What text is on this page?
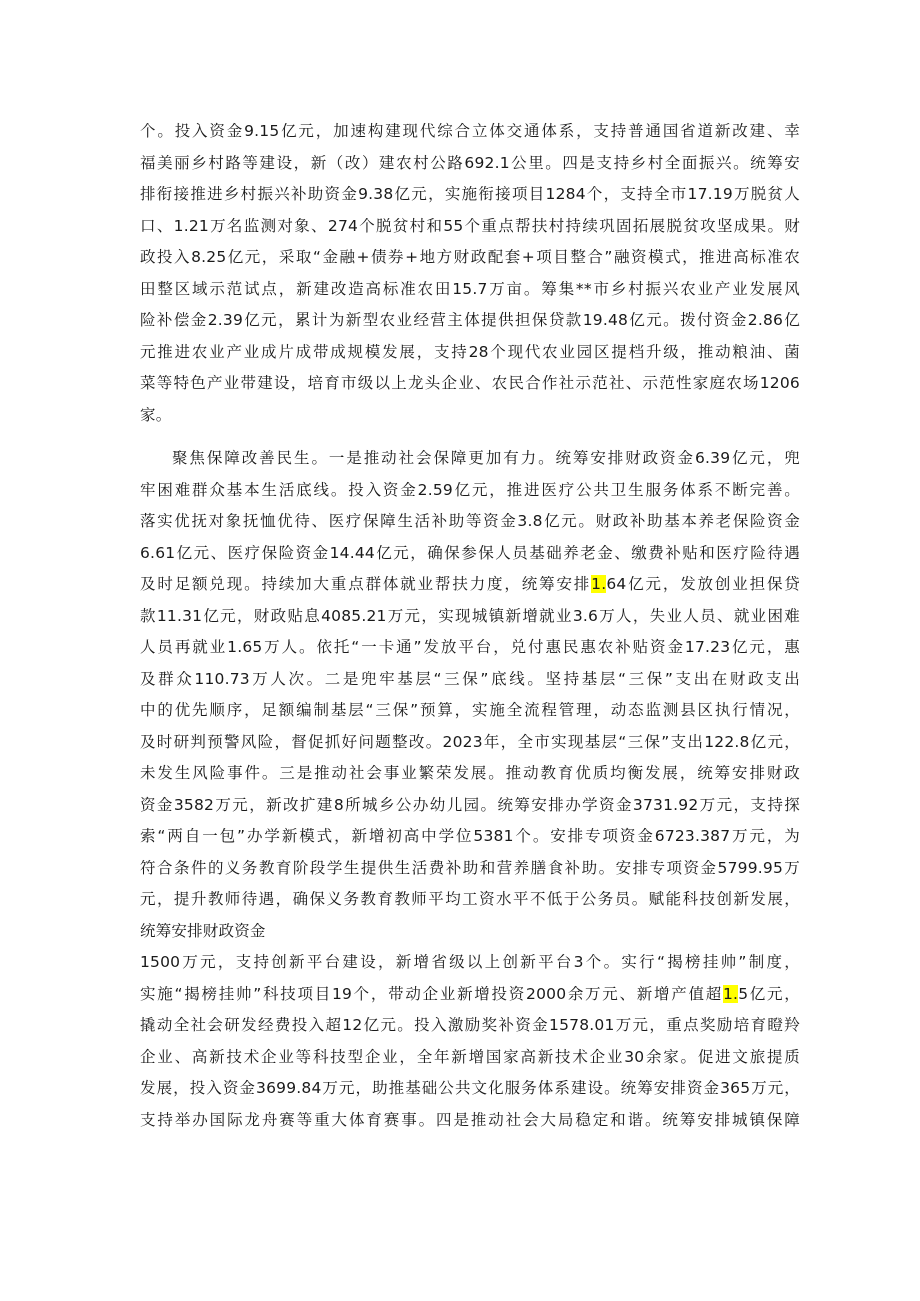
个。投入资金9.15亿元，加速构建现代综合立体交通体系，支持普通国省道新改建、幸
福美丽乡村路等建设，新（改）建农村公路692.1公里。四是支持乡村全面振兴。统筹安
排衔接推进乡村振兴补助资金9.38亿元，实施衔接项目1284个，支持全市17.19万脱贫人
口、1.21万名监测对象、274个脱贫村和55个重点帮扶村持续巩固拓展脱贫攻坚成果。财
政投入8.25亿元，采取“金融+债券+地方财政配套+项目整合”融资模式，推进高标准农
田整区域示范试点，新建改造高标准农田15.7万亩。筹集**市乡村振兴农业产业发展风
险补偿金2.39亿元，累计为新型农业经营主体提供担保贷款19.48亿元。拨付资金2.86亿
元推进农业产业成片成带成规模发展，支持28个现代农业园区提档升级，推动粮油、菌
菜等特色产业带建设，培育市级以上龙头企业、农民合作社示范社、示范性家庭农场1206
家。
聚焦保障改善民生。一是推动社会保障更加有力。统筹安排财政资金6.39亿元，兜
牢困难群众基本生活底线。投入资金2.59亿元，推进医疗公共卫生服务体系不断完善。
落实优抚对象抚恤优待、医疗保障生活补助等资金3.8亿元。财政补助基本养老保险资金
6.61亿元、医疗保险资金14.44亿元，确保参保人员基础养老金、缴费补贴和医疗险待遇
及时足额兑现。持续加大重点群体就业帮扶力度，统筹安排1.64亿元，发放创业担保贷
款11.31亿元，财政贴息4085.21万元，实现城镇新增就业3.6万人，失业人员、就业困难
人员再就业1.65万人。依托“一卡通”发放平台，兑付惠民惠农补贴资金17.23亿元，惠
及群众110.73万人次。二是兜牢基层“三保”底线。坚持基层“三保”支出在财政支出
中的优先顺序，足额编制基层“三保”预算，实施全流程管理，动态监测县区执行情况，
及时研判预警风险，督促抓好问题整改。2023年，全市实现基层“三保”支出122.8亿元，
未发生风险事件。三是推动社会事业繁荣发展。推动教育优质均衡发展，统筹安排财政
资金3582万元，新改扩建8所城乡公办幼儿园。统筹安排办学资金3731.92万元，支持探
索“两自一包”办学新模式，新增初高中学位5381个。安排专项资金6723.387万元，为
符合条件的义务教育阶段学生提供生活费补助和营养膳食补助。安排专项资金5799.95万
元，提升教师待遇，确保义务教育教师平均工资水平不低于公务员。赋能科技创新发展，
统筹安排财政资金
1500万元，支持创新平台建设，新增省级以上创新平台3个。实行“揭榜挂帅”制度，
实施“揭榜挂帅”科技项目19个，带动企业新增投资2000余万元、新增产值超1.5亿元，
撬动全社会研发经费投入超12亿元。投入激励奖补资金1578.01万元，重点奖励培育瞪羚
企业、高新技术企业等科技型企业，全年新增国家高新技术企业30余家。促进文旅提质
发展，投入资金3699.84万元，助推基础公共文化服务体系建设。统筹安排资金365万元，
支持举办国际龙舟赛等重大体育赛事。四是推动社会大局稳定和谐。统筹安排城镇保障
